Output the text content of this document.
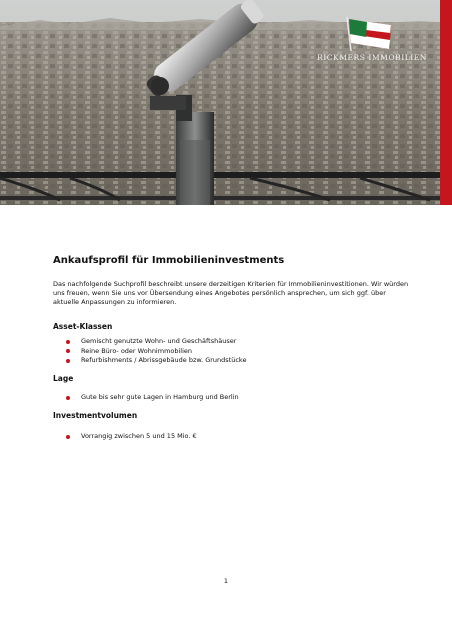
RICKMERS IMMOBILIEN
Ankaufsprofil für Immobilieninvestments

Das nachfolgende Suchprofil beschreibt unsere derzeitigen Kriterien für Immobilieninvestitionen. Wir würden uns freuen, wenn Sie uns vor Übersendung eines Angebotes persönlich ansprechen, um sich ggf. über aktuelle Anpassungen zu informieren.

Asset-Klassen
Gemischt genutzte Wohn- und Geschäftshäuser
Reine Büro- oder Wohnimmobilien
Refurbishments / Abrissgebäude bzw. Grundstücke
Lage
Gute bis sehr gute Lagen in Hamburg und Berlin
Investmentvolumen
Vorrangig zwischen 5 und 15 Mio. €
1
